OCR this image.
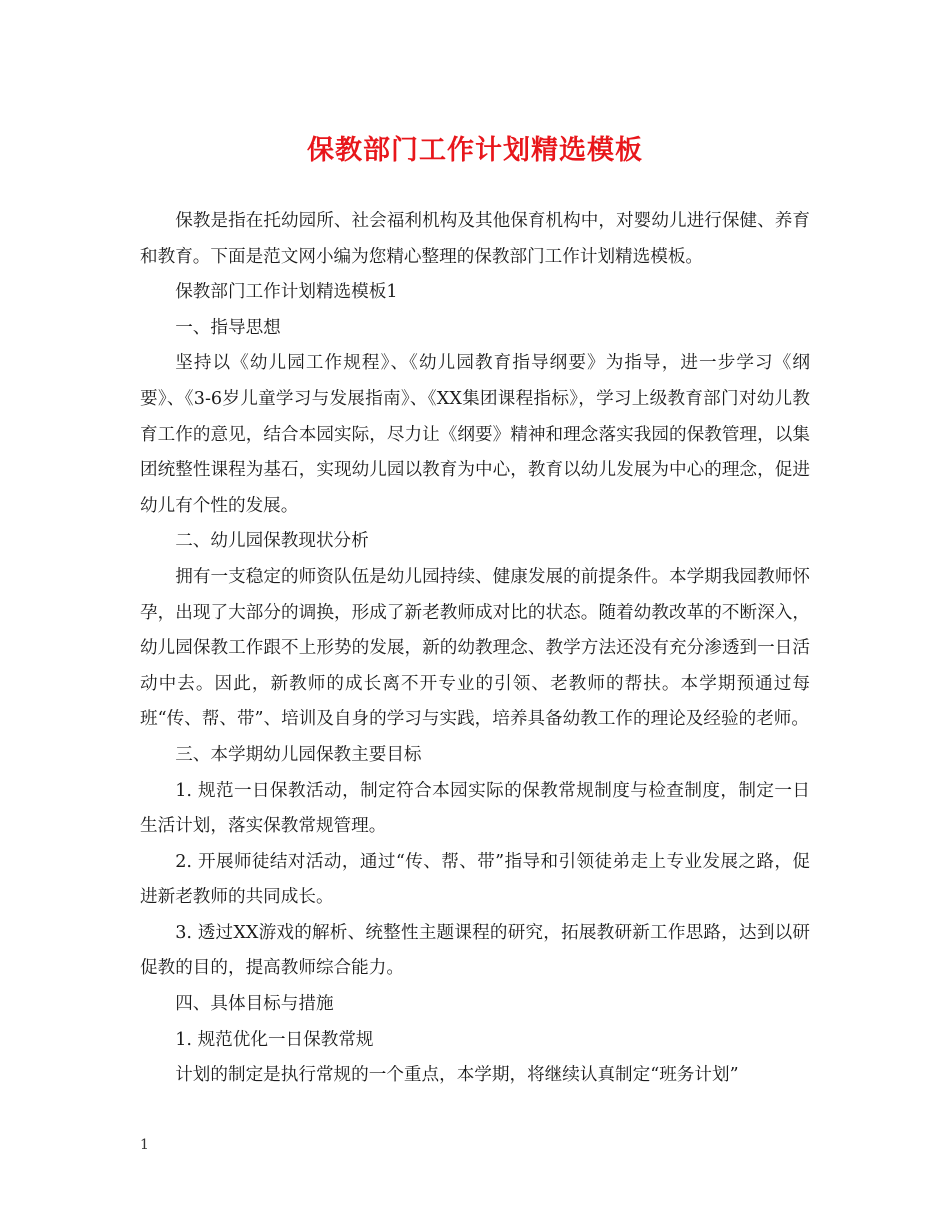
保教部门工作计划精选模板

保教是指在托幼园所、社会福利机构及其他保育机构中，对婴幼儿进行保健、养育和教育。下面是范文网小编为您精心整理的保教部门工作计划精选模板。

保教部门工作计划精选模板1

一、指导思想

坚持以《幼儿园工作规程》、《幼儿园教育指导纲要》为指导，进一步学习《纲要》、《3-6岁儿童学习与发展指南》、《XX集团课程指标》，学习上级教育部门对幼儿教育工作的意见，结合本园实际，尽力让《纲要》精神和理念落实我园的保教管理，以集团统整性课程为基石，实现幼儿园以教育为中心，教育以幼儿发展为中心的理念，促进幼儿有个性的发展。

二、幼儿园保教现状分析

拥有一支稳定的师资队伍是幼儿园持续、健康发展的前提条件。本学期我园教师怀孕，出现了大部分的调换，形成了新老教师成对比的状态。随着幼教改革的不断深入，幼儿园保教工作跟不上形势的发展，新的幼教理念、教学方法还没有充分渗透到一日活动中去。因此，新教师的成长离不开专业的引领、老教师的帮扶。本学期预通过每班“传、帮、带”、培训及自身的学习与实践，培养具备幼教工作的理论及经验的老师。

三、本学期幼儿园保教主要目标

1. 规范一日保教活动，制定符合本园实际的保教常规制度与检查制度，制定一日生活计划，落实保教常规管理。

2. 开展师徒结对活动，通过“传、帮、带”指导和引领徒弟走上专业发展之路，促进新老教师的共同成长。

3. 透过XX游戏的解析、统整性主题课程的研究，拓展教研新工作思路，达到以研促教的目的，提高教师综合能力。

四、具体目标与措施

1. 规范优化一日保教常规

计划的制定是执行常规的一个重点，本学期，将继续认真制定“班务计划”

1
